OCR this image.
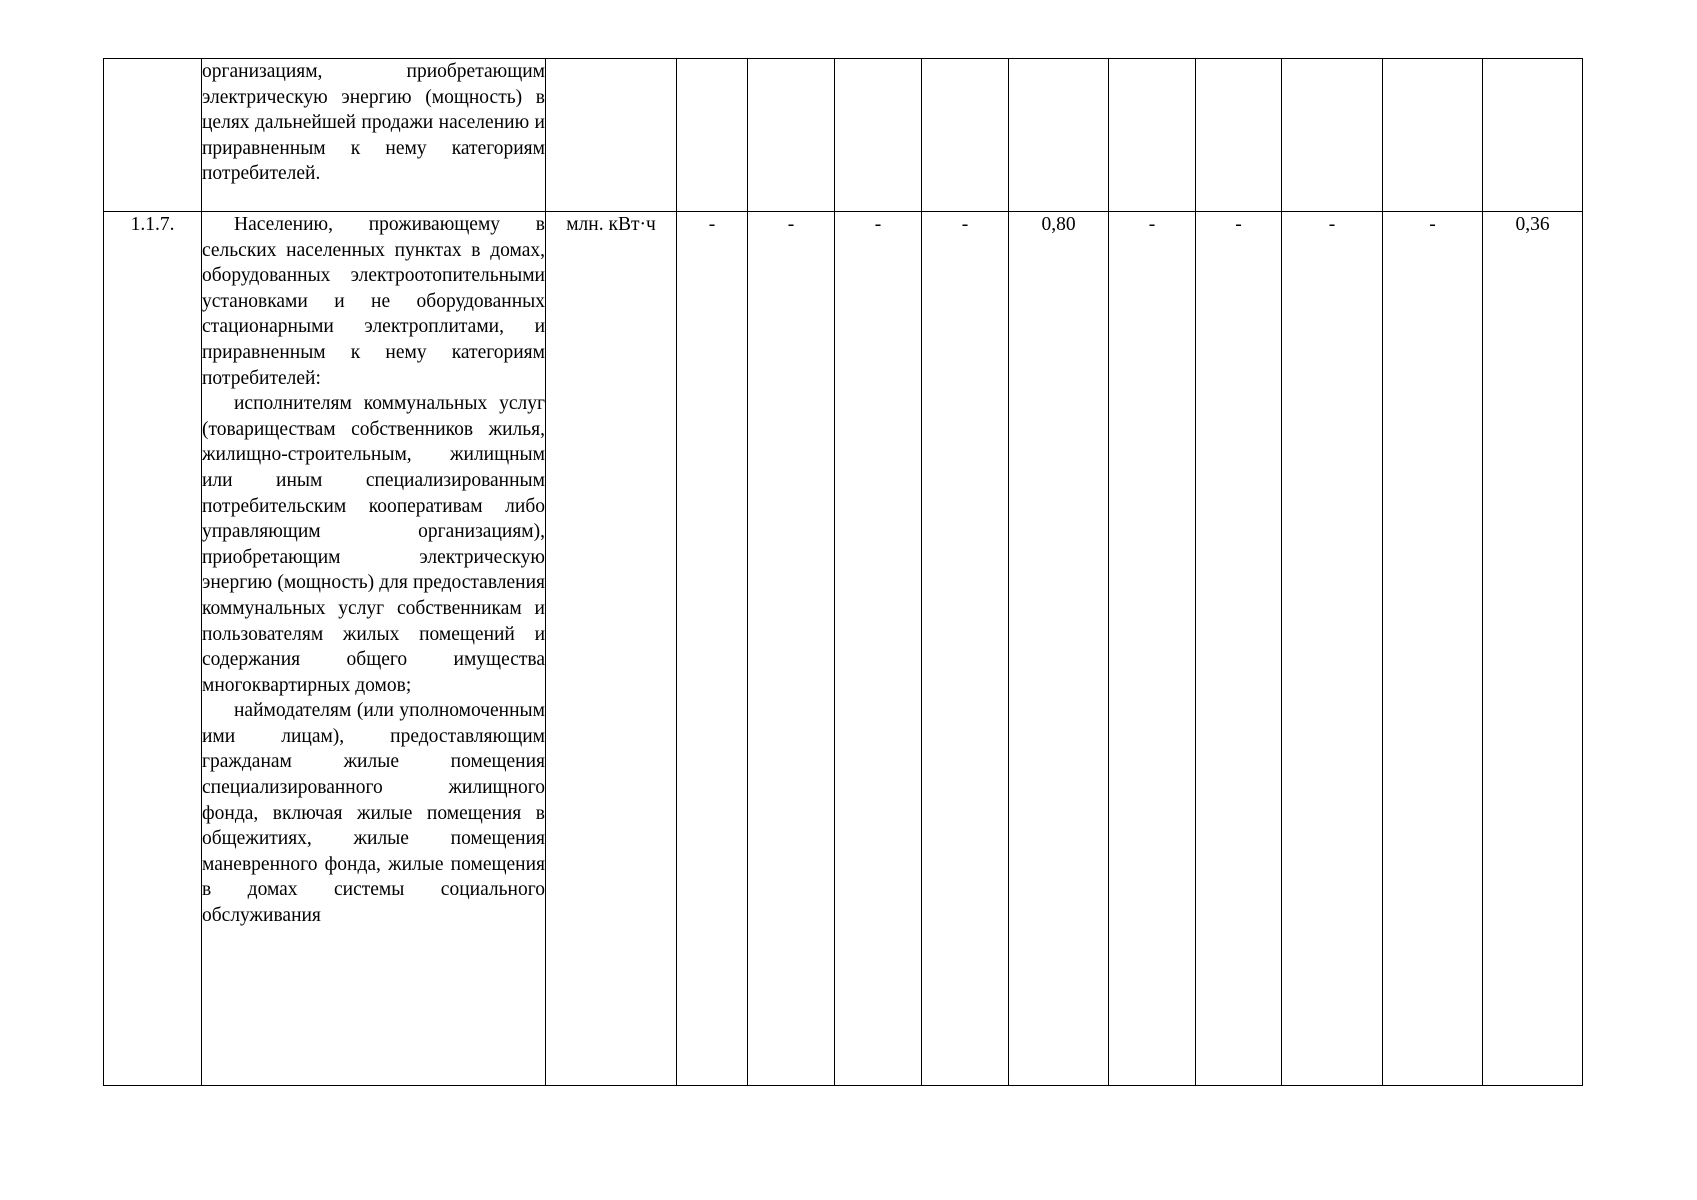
	организациям, приобретающим электрическую энергию (мощность) в целях дальнейшей продажи населению и приравненным к нему категориям потребителей.											

1.1.7.	Населению, проживающему в сельских населенных пунктах в домах, оборудованных электроотопительными установками и не оборудованных стационарными электроплитами, и приравненным к нему категориям потребителей:

исполнителям коммунальных услуг (товариществам собственников жилья, жилищно-строительным, жилищным или иным специализированным потребительским кооперативам либо управляющим организациям), приобретающим электрическую энергию (мощность) для предоставления коммунальных услуг собственникам и пользователям жилых помещений и содержания общего имущества многоквартирных домов;

наймодателям (или уполномоченным ими лицам), предоставляющим гражданам жилые помещения специализированного жилищного фонда, включая жилые помещения в общежитиях, жилые помещения маневренного фонда, жилые помещения в домах системы социального обслуживания	млн. кВт·ч	-	-	-	-	0,80	-	-	-	-	0,36
